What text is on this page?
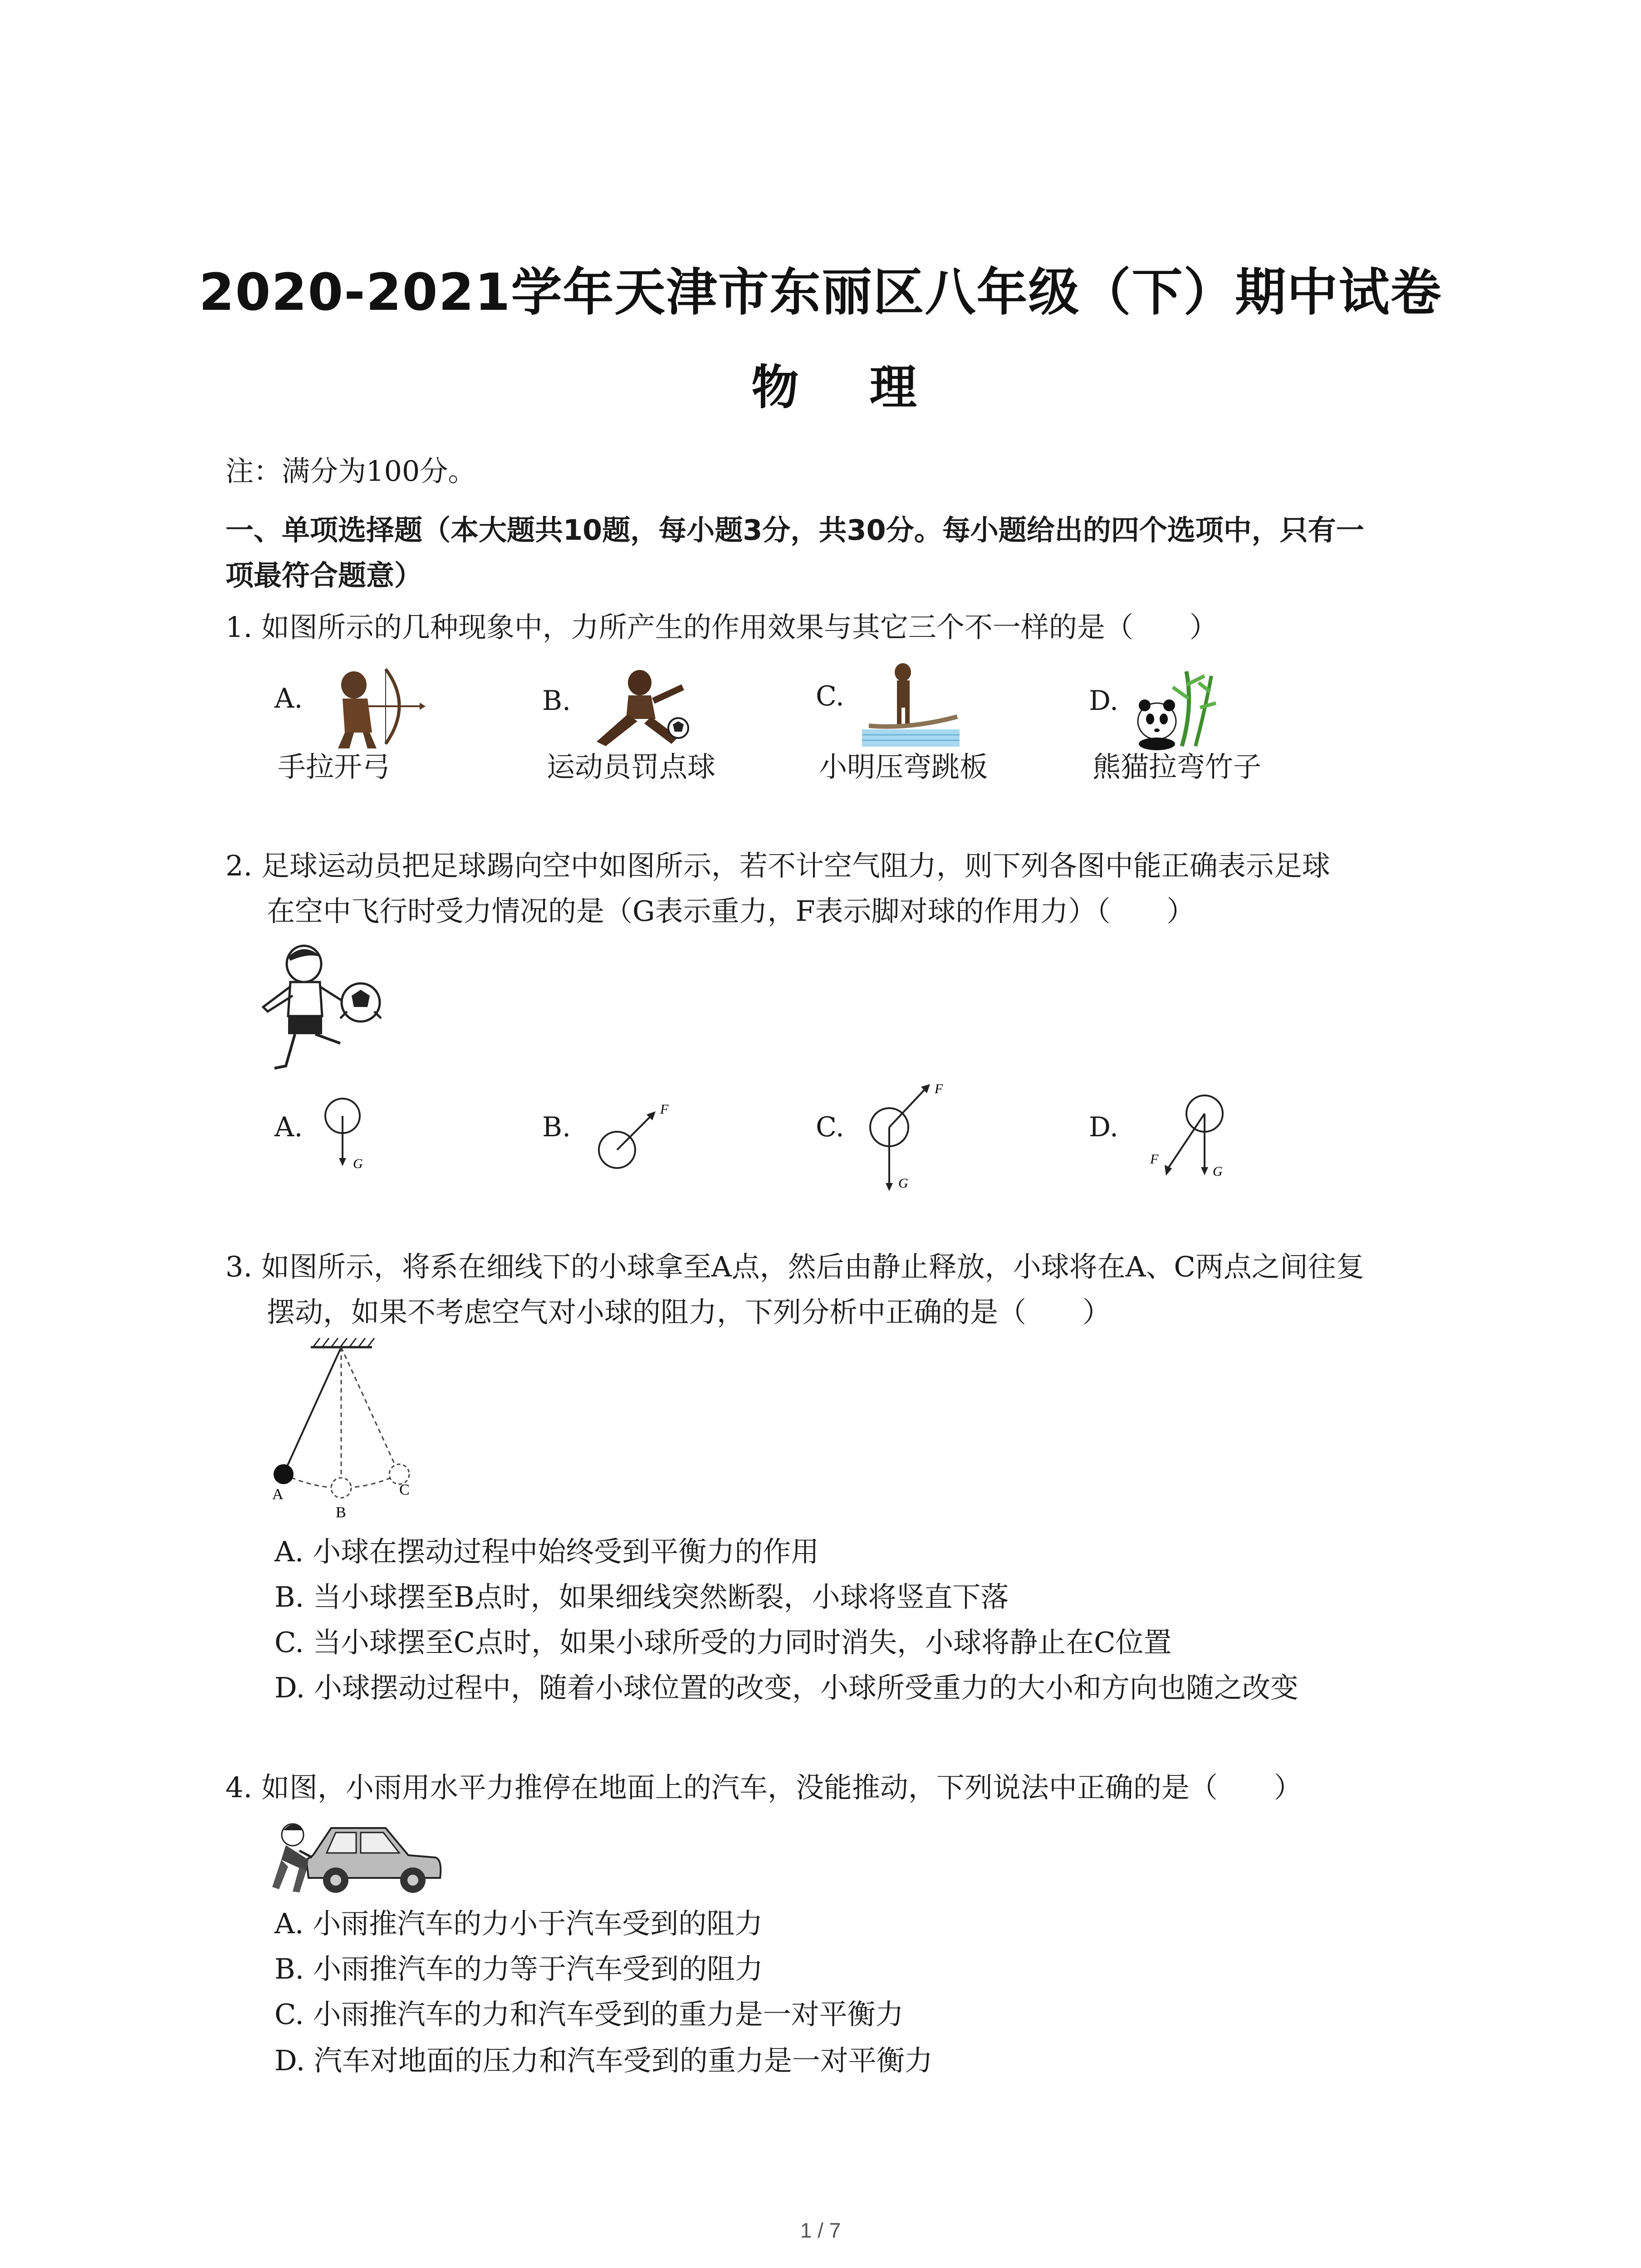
2020-2021学年天津市东丽区八年级（下）期中试卷
物 理
注：满分为100分。
一、单项选择题（本大题共10题，每小题3分，共30分。每小题给出的四个选项中，只有一
项最符合题意）
1. 如图所示的几种现象中，力所产生的作用效果与其它三个不一样的是（　　）
A.
手拉开弓
B.
运动员罚点球
C.
小明压弯跳板
D.
熊猫拉弯竹子
2. 足球运动员把足球踢向空中如图所示，若不计空气阻力，则下列各图中能正确表示足球
在空中飞行时受力情况的是（G表示重力，F表示脚对球的作用力）（　　）
A.
G
B.
F
C.
F
G
D.
F
G
3. 如图所示，将系在细线下的小球拿至A点，然后由静止释放，小球将在A、C两点之间往复
摆动，如果不考虑空气对小球的阻力，下列分析中正确的是（　　）
A
B
C
A. 小球在摆动过程中始终受到平衡力的作用
B. 当小球摆至B点时，如果细线突然断裂，小球将竖直下落
C. 当小球摆至C点时，如果小球所受的力同时消失，小球将静止在C位置
D. 小球摆动过程中，随着小球位置的改变，小球所受重力的大小和方向也随之改变
4. 如图，小雨用水平力推停在地面上的汽车，没能推动，下列说法中正确的是（　　）
A. 小雨推汽车的力小于汽车受到的阻力
B. 小雨推汽车的力等于汽车受到的阻力
C. 小雨推汽车的力和汽车受到的重力是一对平衡力
D. 汽车对地面的压力和汽车受到的重力是一对平衡力
1 / 7
